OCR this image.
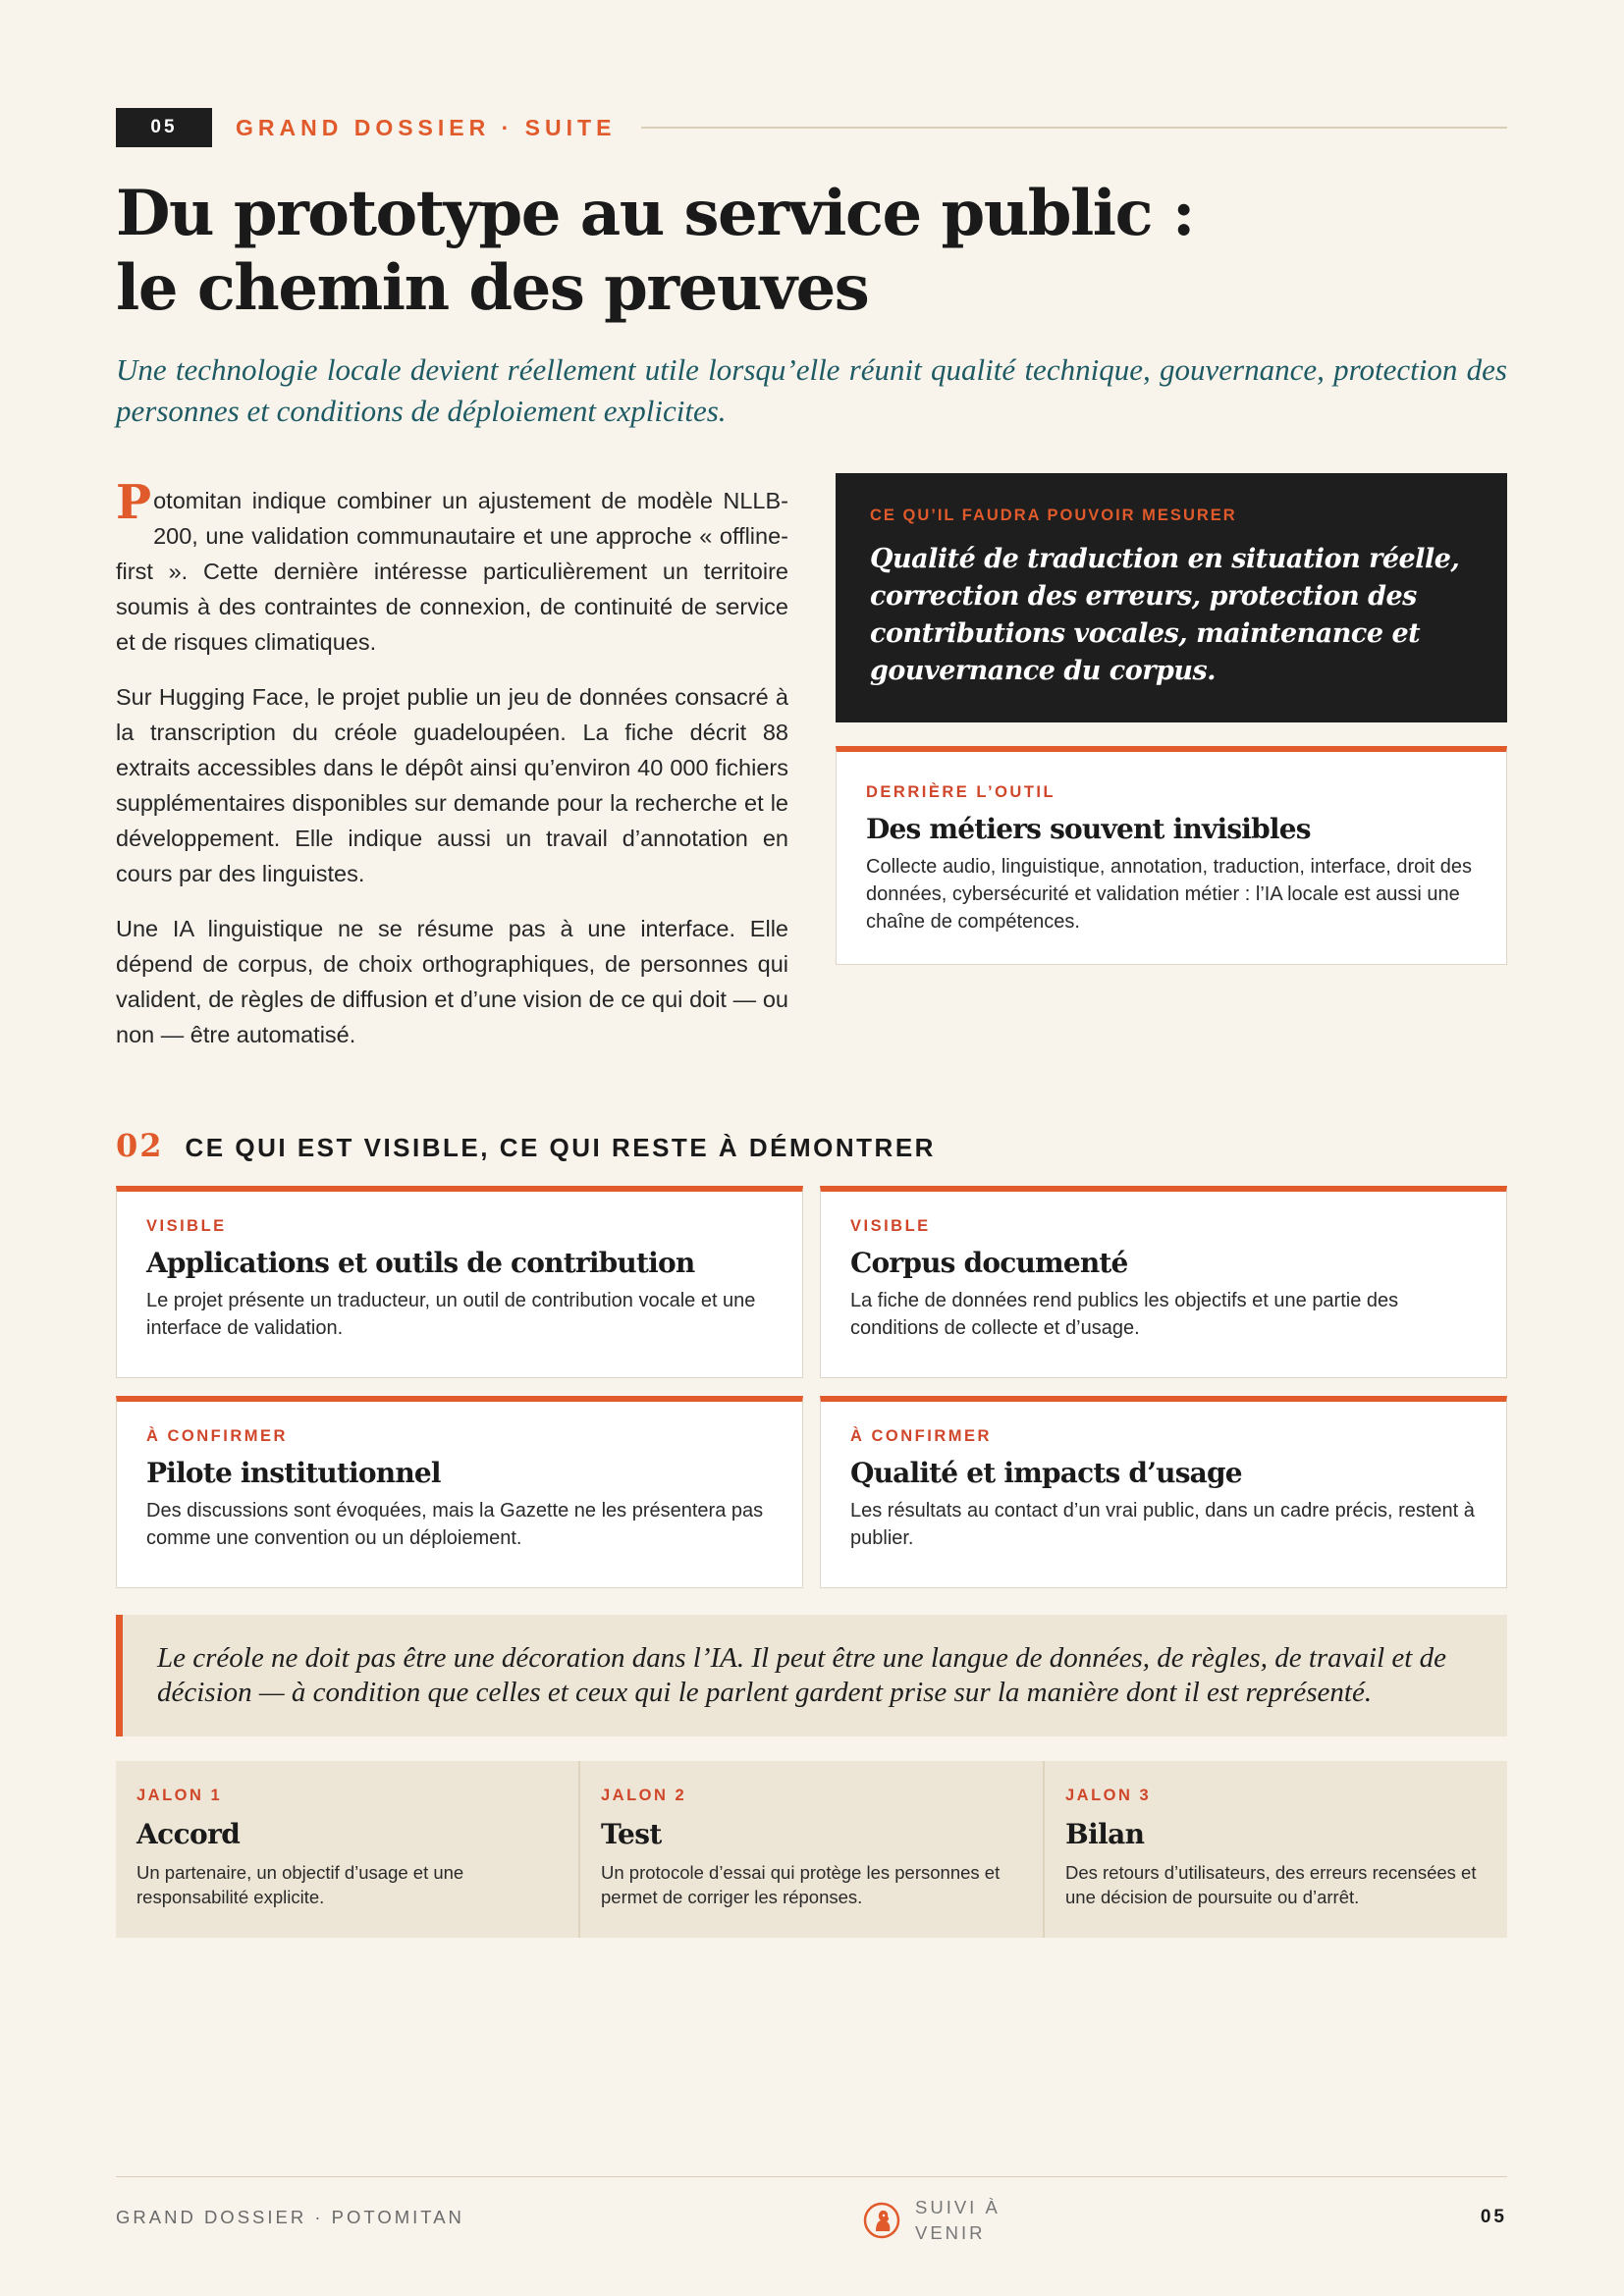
05	GRAND DOSSIER · SUITE
Du prototype au service public :
le chemin des preuves

Une technologie locale devient réellement utile lorsqu’elle réunit qualité technique, gouvernance, protection des personnes et conditions de déploiement explicites.

Potomitan indique combiner un ajustement de modèle NLLB-200, une validation communautaire et une approche « offline-first ». Cette dernière intéresse particulièrement un territoire soumis à des contraintes de connexion, de continuité de service et de risques climatiques.

Sur Hugging Face, le projet publie un jeu de données consacré à la transcription du créole guadeloupéen. La fiche décrit 88 extraits accessibles dans le dépôt ainsi qu’environ 40 000 fichiers supplémentaires disponibles sur demande pour la recherche et le développement. Elle indique aussi un travail d’annotation en cours par des linguistes.

Une IA linguistique ne se résume pas à une interface. Elle dépend de corpus, de choix orthographiques, de personnes qui valident, de règles de diffusion et d’une vision de ce qui doit — ou non — être automatisé.

CE QU’IL FAUDRA POUVOIR MESURER
Qualité de traduction en situation réelle, correction des erreurs, protection des contributions vocales, maintenance et gouvernance du corpus.
DERRIÈRE L’OUTIL
Des métiers souvent invisibles
Collecte audio, linguistique, annotation, traduction, interface, droit des données, cybersécurité et validation métier : l’IA locale est aussi une chaîne de compétences.
02 CE QUI EST VISIBLE, CE QUI RESTE À DÉMONTRER
VISIBLE
Applications et outils de contribution
Le projet présente un traducteur, un outil de contribution vocale et une interface de validation.
VISIBLE
Corpus documenté
La fiche de données rend publics les objectifs et une partie des conditions de collecte et d’usage.
À CONFIRMER
Pilote institutionnel
Des discussions sont évoquées, mais la Gazette ne les présentera pas comme une convention ou un déploiement.
À CONFIRMER
Qualité et impacts d’usage
Les résultats au contact d’un vrai public, dans un cadre précis, restent à publier.
Le créole ne doit pas être une décoration dans l’IA. Il peut être une langue de données, de règles, de travail et de décision — à condition que celles et ceux qui le parlent gardent prise sur la manière dont il est représenté.
JALON 1
Accord
Un partenaire, un objectif d’usage et une responsabilité explicite.
JALON 2
Test
Un protocole d’essai qui protège les personnes et permet de corriger les réponses.
JALON 3
Bilan
Des retours d’utilisateurs, des erreurs recensées et une décision de poursuite ou d’arrêt.
GRAND DOSSIER · POTOMITAN	SUIVI À VENIR
05
